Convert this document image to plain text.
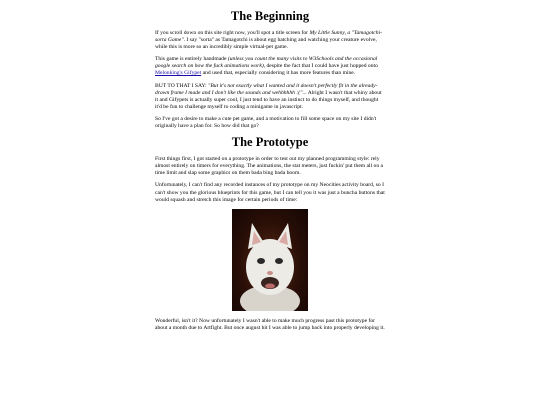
The Beginning

If you scroll down on this site right now, you'll spot a title screen for My Little Sunny, a "Tamagotchi-sorta Game". I say "sorta" as Tamagotchi is about egg hatching and watching your creature evolve, while this is more so an incredibly simple virtual-pet game.

This game is entirely handmade (unless you count the many visits to W3Schools and the occasional google search on how the fuck animations work), despite the fact that I could have just hopped onto Melonking's Gifypet and used that, especially considering it has more features than mine.

BUT TO THAT I SAY: "But it's not exactly what I wanted and it doesn't perfectly fit in the already-drawn frame I made and I don't like the sounds and wehhhhhh :("... Alright I wasn't that whiny about it and Gifypets is actually super cool, I just tend to have an instinct to do things myself, and thought it'd be fun to challenge myself to coding a minigame in javascript.

So I've got a desire to make a cute pet game, and a motivation to fill some space on my site I didn't originally have a plan for. So how did that go?

The Prototype

First things first, I got started on a prototype in order to test out my planned programming style: rely almost entirely on timers for everything. The animations, the stat meters, just fuckin' put them all on a time limit and slap some graphics on them bada bing bada boom.

Unfortunately, I can't find any recorded instances of my prototype on my Neocities activity board, so I can't show you the glorious blueprints for this game, but I can tell you it was just a buncha buttons that would squash and stretch this image for certain periods of time:

Wonderful, isn't it? Now unfortunately I wasn't able to make much progress past this prototype for about a month due to Artfight. But once august hit I was able to jump back into properly developing it.
